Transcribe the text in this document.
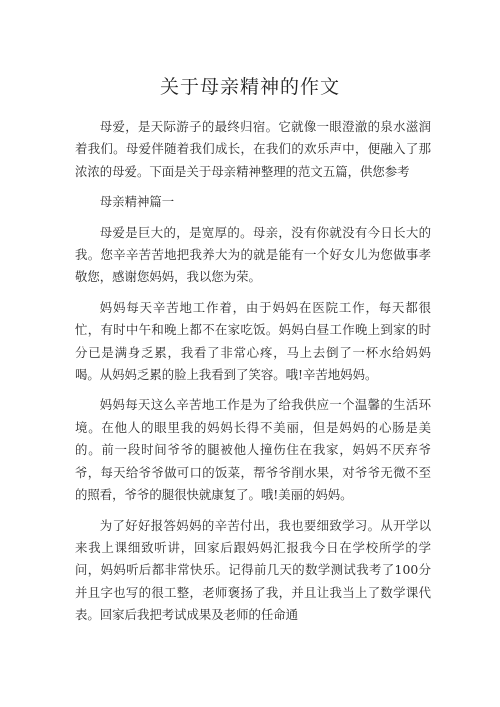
关于母亲精神的作文

母爱，是天际游子的最终归宿。它就像一眼澄澈的泉水滋润着我们。母爱伴随着我们成长，在我们的欢乐声中，便融入了那浓浓的母爱。下面是关于母亲精神整理的范文五篇，供您参考

母亲精神篇一

母爱是巨大的，是宽厚的。母亲，没有你就没有今日长大的我。您辛辛苦苦地把我养大为的就是能有一个好女儿为您做事孝敬您，感谢您妈妈，我以您为荣。

妈妈每天辛苦地工作着，由于妈妈在医院工作，每天都很忙，有时中午和晚上都不在家吃饭。妈妈白昼工作晚上到家的时分已是满身乏累，我看了非常心疼，马上去倒了一杯水给妈妈喝。从妈妈乏累的脸上我看到了笑容。哦!辛苦地妈妈。

妈妈每天这么辛苦地工作是为了给我供应一个温馨的生活环境。在他人的眼里我的妈妈长得不美丽，但是妈妈的心肠是美的。前一段时间爷爷的腿被他人撞伤住在我家，妈妈不厌弃爷爷，每天给爷爷做可口的饭菜，帮爷爷削水果，对爷爷无微不至的照看，爷爷的腿很快就康复了。哦!美丽的妈妈。

为了好好报答妈妈的辛苦付出，我也要细致学习。从开学以来我上课细致听讲，回家后跟妈妈汇报我今日在学校所学的学问，妈妈听后都非常快乐。记得前几天的数学测试我考了100分并且字也写的很工整，老师褒扬了我，并且让我当上了数学课代表。回家后我把考试成果及老师的任命通
